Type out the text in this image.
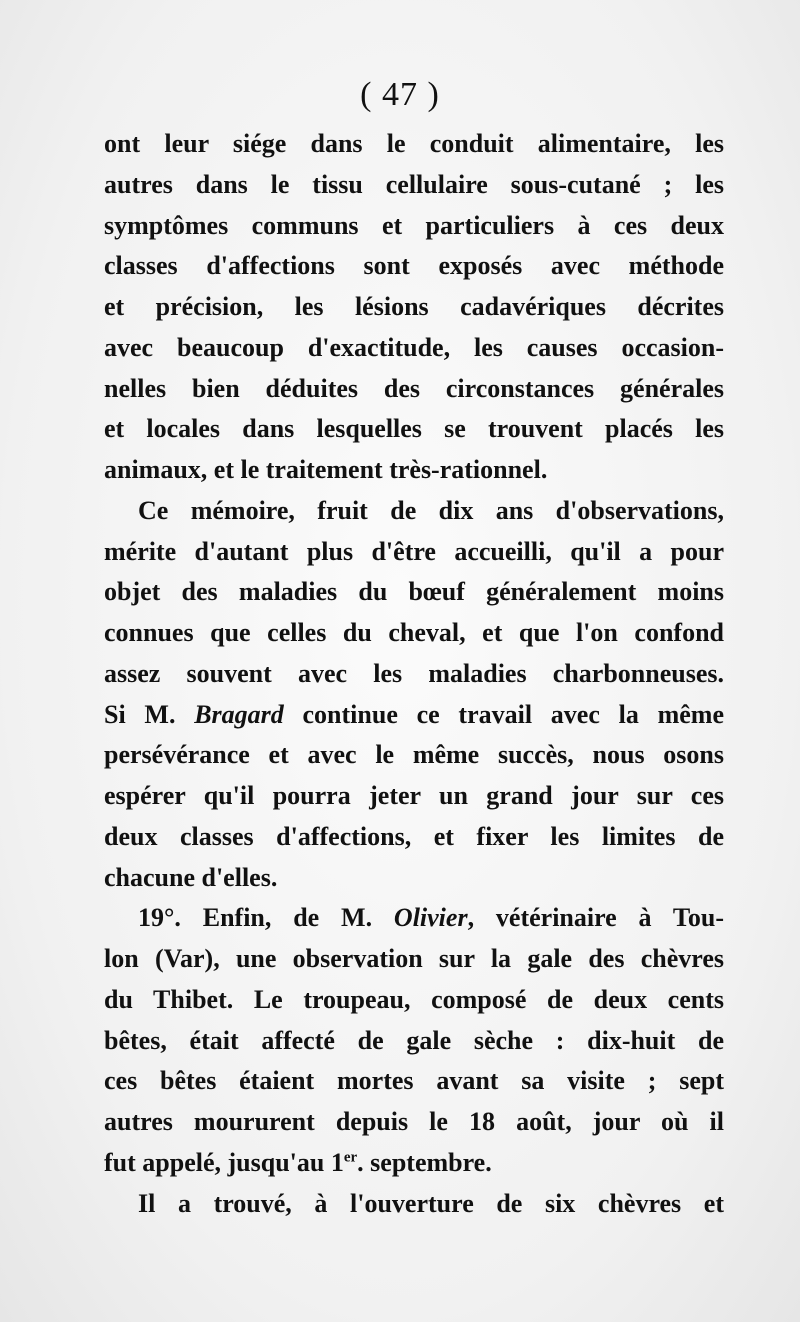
( 47 )
ont leur siége dans le conduit alimentaire, les
autres dans le tissu cellulaire sous-cutané ; les
symptômes communs et particuliers à ces deux
classes d'affections sont exposés avec méthode
et précision, les lésions cadavériques décrites
avec beaucoup d'exactitude, les causes occasion-
nelles bien déduites des circonstances générales
et locales dans lesquelles se trouvent placés les
animaux, et le traitement très-rationnel.
Ce mémoire, fruit de dix ans d'observations,
mérite d'autant plus d'être accueilli, qu'il a pour
objet des maladies du bœuf généralement moins
connues que celles du cheval, et que l'on confond
assez souvent avec les maladies charbonneuses.
Si M. Bragard continue ce travail avec la même
persévérance et avec le même succès, nous osons
espérer qu'il pourra jeter un grand jour sur ces
deux classes d'affections, et fixer les limites de
chacune d'elles.
19°. Enfin, de M. Olivier, vétérinaire à Tou-
lon (Var), une observation sur la gale des chèvres
du Thibet. Le troupeau, composé de deux cents
bêtes, était affecté de gale sèche : dix-huit de
ces bêtes étaient mortes avant sa visite ; sept
autres moururent depuis le 18 août, jour où il
fut appelé, jusqu'au 1er. septembre.
Il a trouvé, à l'ouverture de six chèvres et
